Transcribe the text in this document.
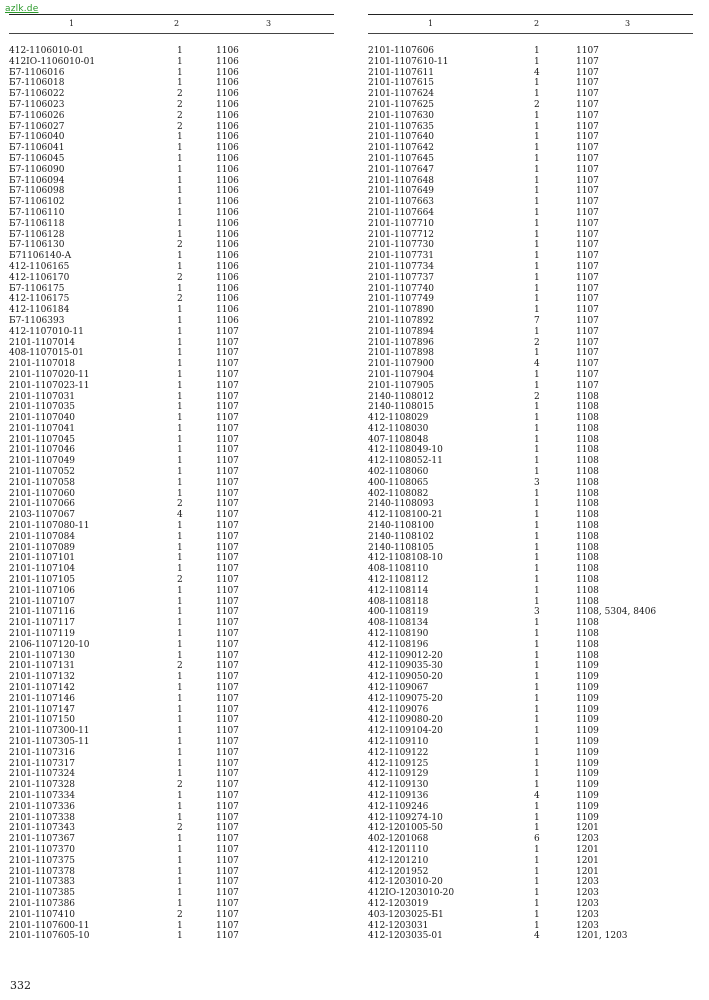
azlk.de
1	2	3
412-1106010-01	1	1106
412IO-1106010-01	1	1106
Б7-1106016	1	1106
Б7-1106018	1	1106
Б7-1106022	2	1106
Б7-1106023	2	1106
Б7-1106026	2	1106
Б7-1106027	2	1106
Б7-1106040	1	1106
Б7-1106041	1	1106
Б7-1106045	1	1106
Б7-1106090	1	1106
Б7-1106094	1	1106
Б7-1106098	1	1106
Б7-1106102	1	1106
Б7-1106110	1	1106
Б7-1106118	1	1106
Б7-1106128	1	1106
Б7-1106130	2	1106
Б71106140-А	1	1106
412-1106165	1	1106
412-1106170	2	1106
Б7-1106175	1	1106
412-1106175	2	1106
412-1106184	1	1106
Б7-1106393	1	1106
412-1107010-11	1	1107
2101-1107014	1	1107
408-1107015-01	1	1107
2101-1107018	1	1107
2101-1107020-11	1	1107
2101-1107023-11	1	1107
2101-1107031	1	1107
2101-1107035	1	1107
2101-1107040	1	1107
2101-1107041	1	1107
2101-1107045	1	1107
2101-1107046	1	1107
2101-1107049	1	1107
2101-1107052	1	1107
2101-1107058	1	1107
2101-1107060	1	1107
2101-1107066	2	1107
2103-1107067	4	1107
2101-1107080-11	1	1107
2101-1107084	1	1107
2101-1107089	1	1107
2101-1107101	1	1107
2101-1107104	1	1107
2101-1107105	2	1107
2101-1107106	1	1107
2101-1107107	1	1107
2101-1107116	1	1107
2101-1107117	1	1107
2101-1107119	1	1107
2106-1107120-10	1	1107
2101-1107130	1	1107
2101-1107131	2	1107
2101-1107132	1	1107
2101-1107142	1	1107
2101-1107146	1	1107
2101-1107147	1	1107
2101-1107150	1	1107
2101-1107300-11	1	1107
2101-1107305-11	1	1107
2101-1107316	1	1107
2101-1107317	1	1107
2101-1107324	1	1107
2101-1107328	2	1107
2101-1107334	1	1107
2101-1107336	1	1107
2101-1107338	1	1107
2101-1107343	2	1107
2101-1107367	1	1107
2101-1107370	1	1107
2101-1107375	1	1107
2101-1107378	1	1107
2101-1107383	1	1107
2101-1107385	1	1107
2101-1107386	1	1107
2101-1107410	2	1107
2101-1107600-11	1	1107
2101-1107605-10	1	1107
1	2	3
2101-1107606	1	1107
2101-1107610-11	1	1107
2101-1107611	4	1107
2101-1107615	1	1107
2101-1107624	1	1107
2101-1107625	2	1107
2101-1107630	1	1107
2101-1107635	1	1107
2101-1107640	1	1107
2101-1107642	1	1107
2101-1107645	1	1107
2101-1107647	1	1107
2101-1107648	1	1107
2101-1107649	1	1107
2101-1107663	1	1107
2101-1107664	1	1107
2101-1107710	1	1107
2101-1107712	1	1107
2101-1107730	1	1107
2101-1107731	1	1107
2101-1107734	1	1107
2101-1107737	1	1107
2101-1107740	1	1107
2101-1107749	1	1107
2101-1107890	1	1107
2101-1107892	7	1107
2101-1107894	1	1107
2101-1107896	2	1107
2101-1107898	1	1107
2101-1107900	4	1107
2101-1107904	1	1107
2101-1107905	1	1107
2140-1108012	2	1108
2140-1108015	1	1108
412-1108029	1	1108
412-1108030	1	1108
407-1108048	1	1108
412-1108049-10	1	1108
412-1108052-11	1	1108
402-1108060	1	1108
400-1108065	3	1108
402-1108082	1	1108
2140-1108093	1	1108
412-1108100-21	1	1108
2140-1108100	1	1108
2140-1108102	1	1108
2140-1108105	1	1108
412-1108108-10	1	1108
408-1108110	1	1108
412-1108112	1	1108
412-1108114	1	1108
408-1108118	1	1108
400-1108119	3	1108, 5304, 8406
408-1108134	1	1108
412-1108190	1	1108
412-1108196	1	1108
412-1109012-20	1	1108
412-1109035-30	1	1109
412-1109050-20	1	1109
412-1109067	1	1109
412-1109075-20	1	1109
412-1109076	1	1109
412-1109080-20	1	1109
412-1109104-20	1	1109
412-1109110	1	1109
412-1109122	1	1109
412-1109125	1	1109
412-1109129	1	1109
412-1109130	1	1109
412-1109136	4	1109
412-1109246	1	1109
412-1109274-10	1	1109
412-1201005-50	1	1201
402-1201068	6	1203
412-1201110	1	1201
412-1201210	1	1201
412-1201952	1	1201
412-1203010-20	1	1203
412IO-1203010-20	1	1203
412-1203019	1	1203
403-1203025-Б1	1	1203
412-1203031	1	1203
412-1203035-01	4	1201, 1203
332
